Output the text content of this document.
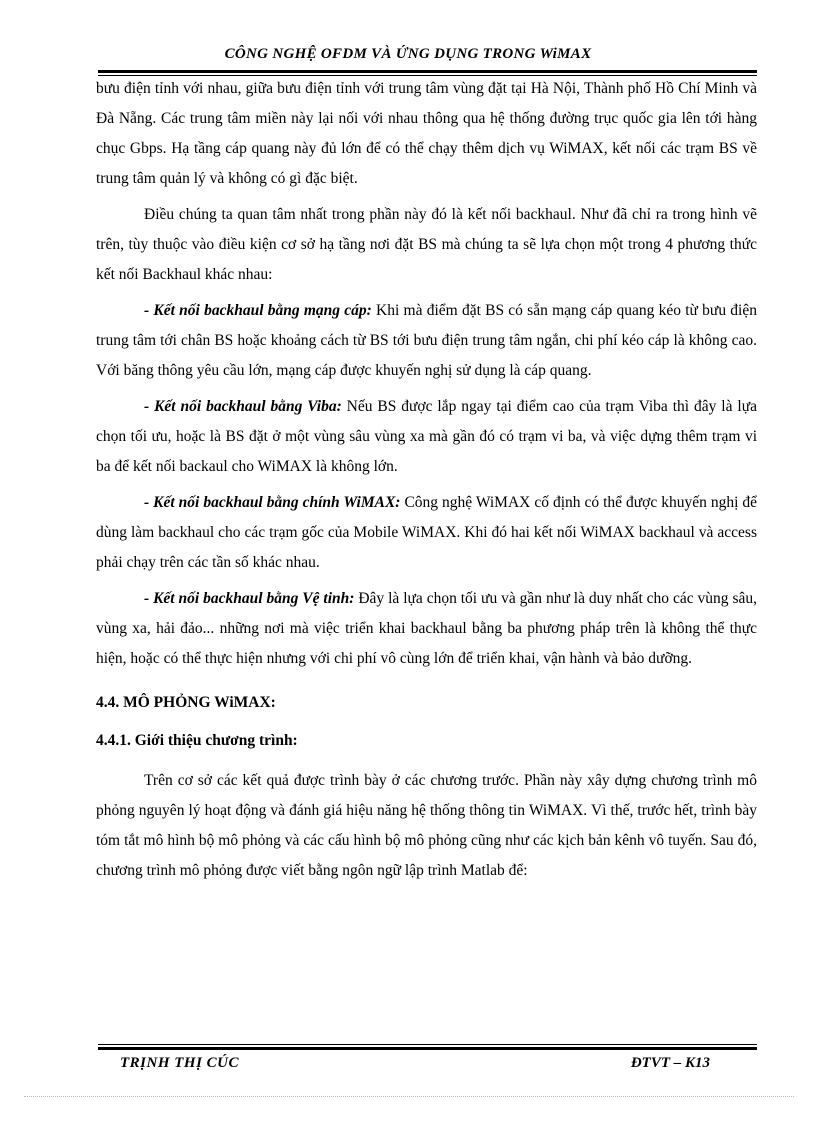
CÔNG NGHỆ OFDM VÀ ỨNG DỤNG TRONG WiMAX

bưu điện tỉnh với nhau, giữa bưu điện tỉnh với trung tâm vùng đặt tại Hà Nội, Thành phố Hồ Chí Minh và Đà Nẵng. Các trung tâm miền này lại nối với nhau thông qua hệ thống đường trục quốc gia lên tới hàng chục Gbps. Hạ tầng cáp quang này đủ lớn để có thể chạy thêm dịch vụ WiMAX, kết nối các trạm BS về trung tâm quản lý và không có gì đặc biệt.

Điều chúng ta quan tâm nhất trong phần này đó là kết nối backhaul. Như đã chỉ ra trong hình vẽ trên, tùy thuộc vào điều kiện cơ sở hạ tầng nơi đặt BS mà chúng ta sẽ lựa chọn một trong 4 phương thức kết nối Backhaul khác nhau:

- Kết nối backhaul bằng mạng cáp: Khi mà điểm đặt BS có sẵn mạng cáp quang kéo từ bưu điện trung tâm tới chân BS hoặc khoảng cách từ BS tới bưu điện trung tâm ngắn, chi phí kéo cáp là không cao. Với băng thông yêu cầu lớn, mạng cáp được khuyến nghị sử dụng là cáp quang.

- Kết nối backhaul bằng Viba: Nếu BS được lắp ngay tại điểm cao của trạm Viba thì đây là lựa chọn tối ưu, hoặc là BS đặt ở một vùng sâu vùng xa mà gần đó có trạm vi ba, và việc dựng thêm trạm vi ba để kết nối backaul cho WiMAX là không lớn.

- Kết nối backhaul bằng chính WiMAX: Công nghệ WiMAX cố định có thể được khuyến nghị để dùng làm backhaul cho các trạm gốc của Mobile WiMAX. Khi đó hai kết nối WiMAX backhaul và access phải chạy trên các tần số khác nhau.

- Kết nối backhaul bằng Vệ tinh: Đây là lựa chọn tối ưu và gần như là duy nhất cho các vùng sâu, vùng xa, hải đảo... những nơi mà việc triển khai backhaul bằng ba phương pháp trên là không thể thực hiện, hoặc có thể thực hiện nhưng với chi phí vô cùng lớn để triển khai, vận hành và bảo dưỡng.

4.4. MÔ PHỎNG WiMAX:

4.4.1. Giới thiệu chương trình:

Trên cơ sở các kết quả được trình bày ở các chương trước. Phần này xây dựng chương trình mô phỏng nguyên lý hoạt động và đánh giá hiệu năng hệ thống thông tin WiMAX. Vì thế, trước hết, trình bày tóm tắt mô hình bộ mô phỏng và các cấu hình bộ mô phỏng cũng như các kịch bản kênh vô tuyến. Sau đó, chương trình mô phỏng được viết bằng ngôn ngữ lập trình Matlab để:

TRỊNH THỊ CÚC	ĐTVT – K13
